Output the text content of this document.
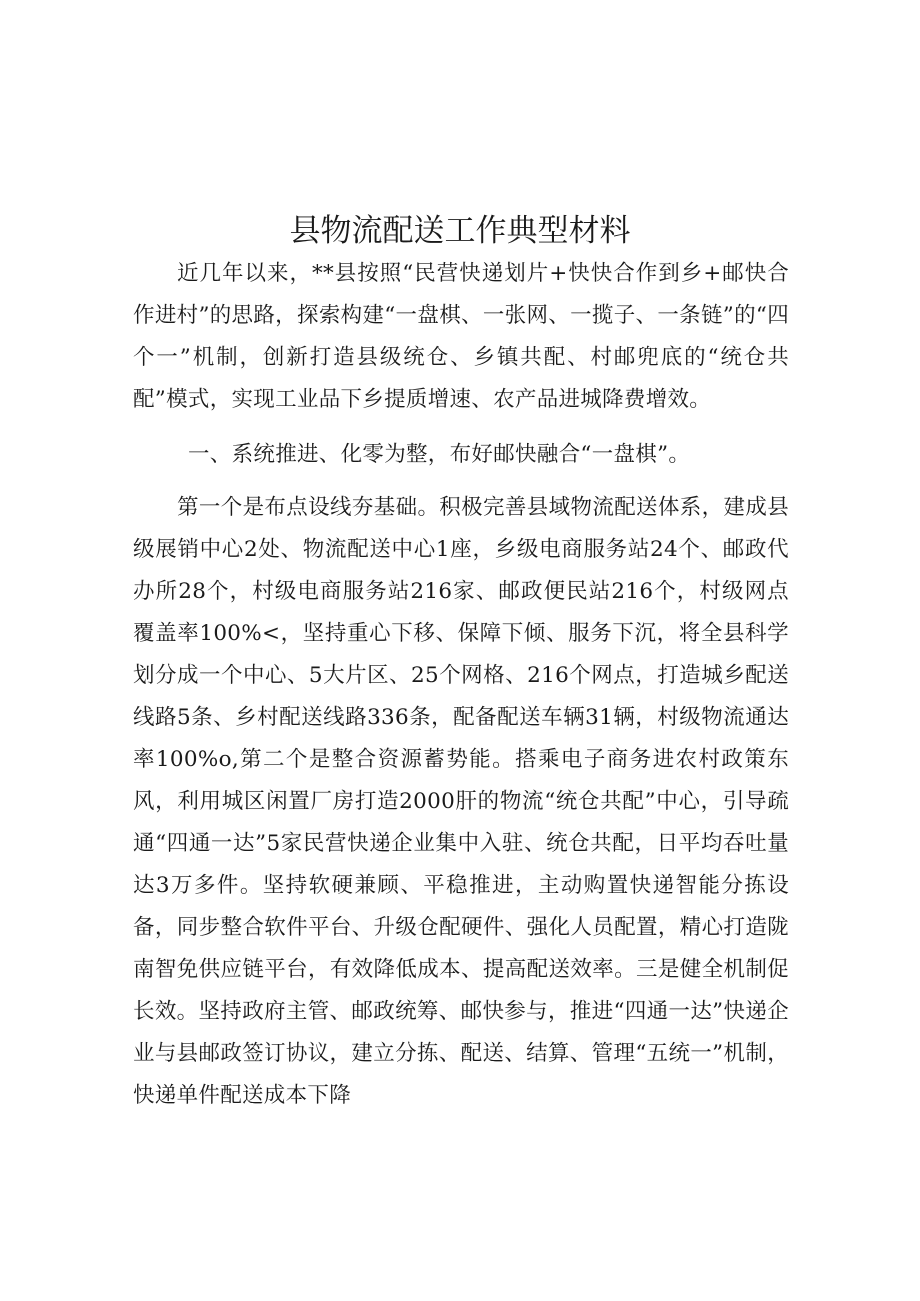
县物流配送工作典型材料

近几年以来，**县按照“民营快递划片+快快合作到乡+邮快合作进村”的思路，探索构建“一盘棋、一张网、一揽子、一条链”的“四个一”机制，创新打造县级统仓、乡镇共配、村邮兜底的“统仓共配”模式，实现工业品下乡提质增速、农产品进城降费增效。

一、系统推进、化零为整，布好邮快融合“一盘棋”。

第一个是布点设线夯基础。积极完善县域物流配送体系，建成县级展销中心2处、物流配送中心1座，乡级电商服务站24个、邮政代办所28个，村级电商服务站216家、邮政便民站216个，村级网点覆盖率100%<，坚持重心下移、保障下倾、服务下沉，将全县科学划分成一个中心、5大片区、25个网格、216个网点，打造城乡配送线路5条、乡村配送线路336条，配备配送车辆31辆，村级物流通达率100%o,第二个是整合资源蓄势能。搭乘电子商务进农村政策东风，利用城区闲置厂房打造2000肝的物流“统仓共配”中心，引导疏通“四通一达”5家民营快递企业集中入驻、统仓共配，日平均吞吐量达3万多件。坚持软硬兼顾、平稳推进，主动购置快递智能分拣设备，同步整合软件平台、升级仓配硬件、强化人员配置，精心打造陇南智免供应链平台，有效降低成本、提高配送效率。三是健全机制促长效。坚持政府主管、邮政统筹、邮快参与，推进“四通一达”快递企业与县邮政签订协议，建立分拣、配送、结算、管理“五统一”机制，快递单件配送成本下降
